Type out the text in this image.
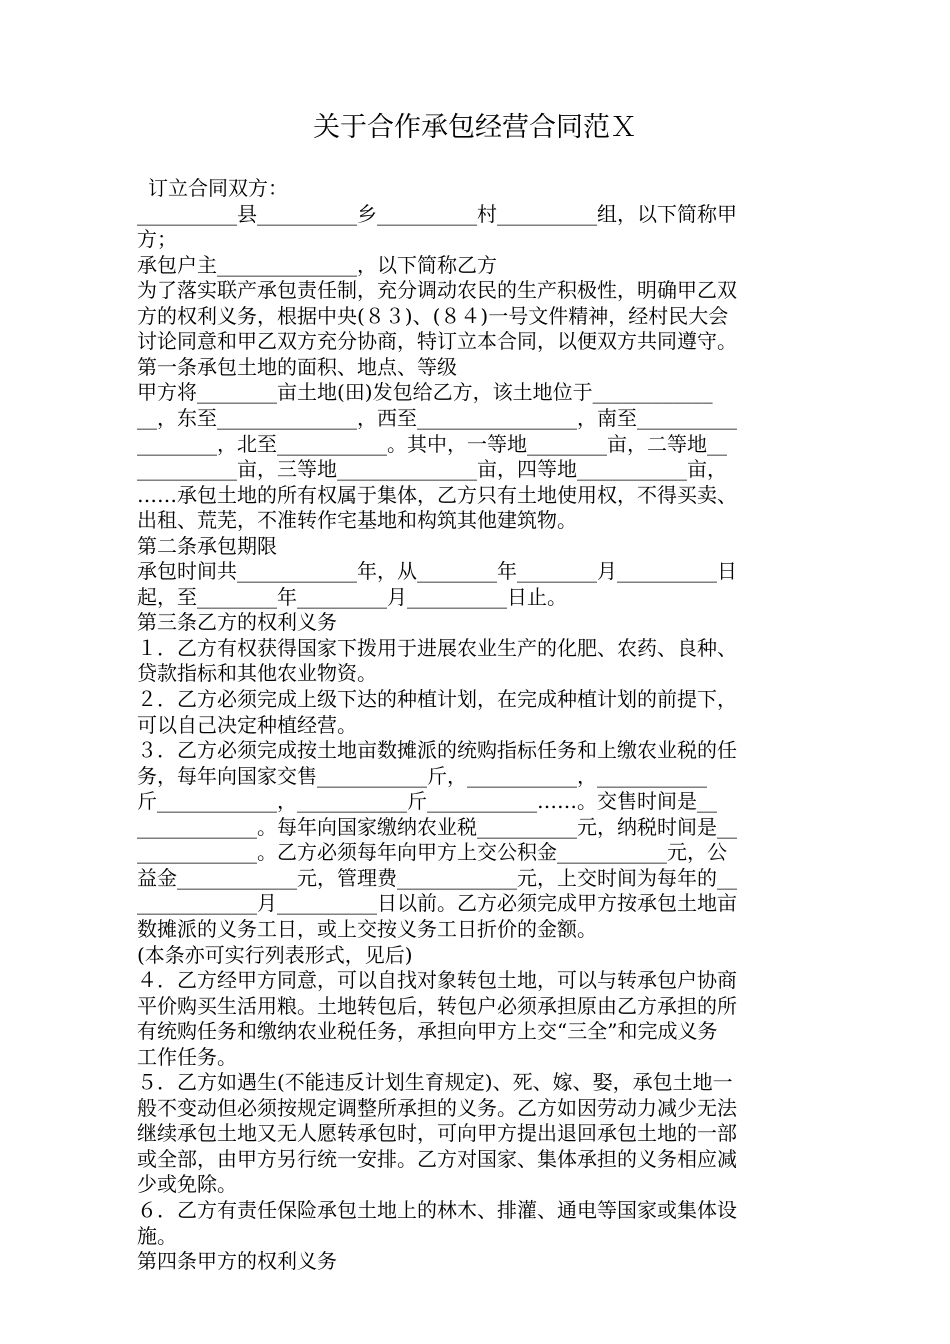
关于合作承包经营合同范Ｘ
订立合同双方：
__________县__________乡__________村__________组，以下简称甲
方；
承包户主______________，以下简称乙方
为了落实联产承包责任制，充分调动农民的生产积极性，明确甲乙双
方的权利义务，根据中央(８３)、(８４)一号文件精神，经村民大会
讨论同意和甲乙双方充分协商，特订立本合同，以便双方共同遵守。
第一条承包土地的面积、地点、等级
甲方将________亩土地(田)发包给乙方，该土地位于____________
__，东至______________，西至________________，南至__________
________，北至___________。其中，一等地________亩，二等地__
__________亩，三等地______________亩，四等地___________亩，
……承包土地的所有权属于集体，乙方只有土地使用权，不得买卖、
出租、荒芜，不准转作宅基地和构筑其他建筑物。
第二条承包期限
承包时间共____________年，从________年________月__________日
起，至________年_________月__________日止。
第三条乙方的权利义务
１．乙方有权获得国家下拨用于进展农业生产的化肥、农药、良种、
贷款指标和其他农业物资。
２．乙方必须完成上级下达的种植计划，在完成种植计划的前提下，
可以自己决定种植经营。
３．乙方必须完成按土地亩数摊派的统购指标任务和上缴农业税的任
务，每年向国家交售___________斤，___________，___________
斤____________，___________斤___________……。交售时间是__
____________。每年向国家缴纳农业税__________元，纳税时间是__
____________。乙方必须每年向甲方上交公积金___________元，公
益金____________元，管理费____________元，上交时间为每年的__
____________月__________日以前。乙方必须完成甲方按承包土地亩
数摊派的义务工日，或上交按义务工日折价的金额。
(本条亦可实行列表形式，见后)
４．乙方经甲方同意，可以自找对象转包土地，可以与转承包户协商
平价购买生活用粮。土地转包后，转包户必须承担原由乙方承担的所
有统购任务和缴纳农业税任务，承担向甲方上交“三全”和完成义务
工作任务。
５．乙方如遇生(不能违反计划生育规定)、死、嫁、娶，承包土地一
般不变动但必须按规定调整所承担的义务。乙方如因劳动力减少无法
继续承包土地又无人愿转承包时，可向甲方提出退回承包土地的一部
或全部，由甲方另行统一安排。乙方对国家、集体承担的义务相应减
少或免除。
６．乙方有责任保险承包土地上的林木、排灌、通电等国家或集体设
施。
第四条甲方的权利义务
